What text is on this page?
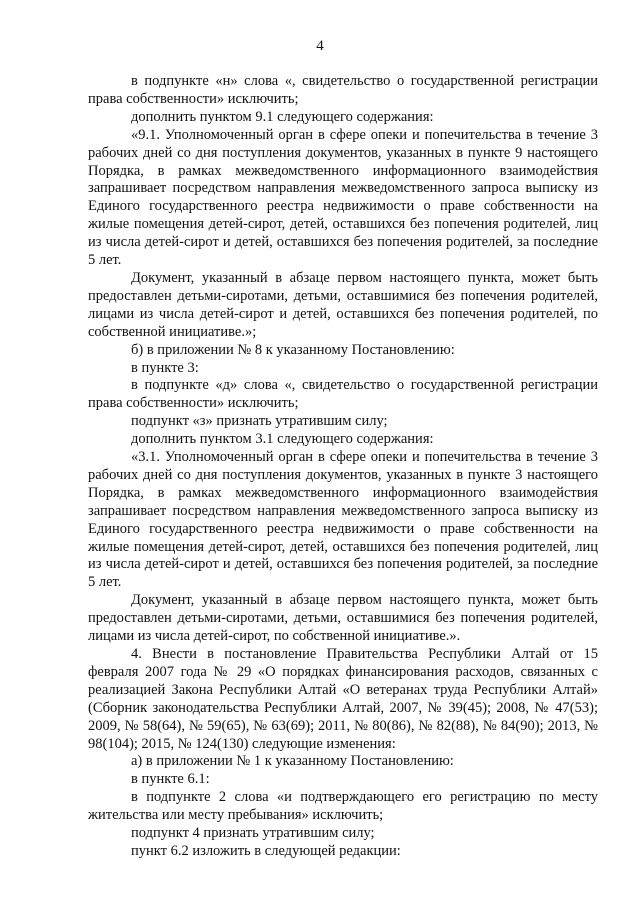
4

в подпункте «н» слова «, свидетельство о государственной регистрации права собственности» исключить;

дополнить пунктом 9.1 следующего содержания:

«9.1. Уполномоченный орган в сфере опеки и попечительства в течение 3 рабочих дней со дня поступления документов, указанных в пункте 9 настоящего Порядка, в рамках межведомственного информационного взаимодействия запрашивает посредством направления межведомственного запроса выписку из Единого государственного реестра недвижимости о праве собственности на жилые помещения детей-сирот, детей, оставшихся без попечения родителей, лиц из числа детей-сирот и детей, оставшихся без попечения родителей, за последние 5 лет.

Документ, указанный в абзаце первом настоящего пункта, может быть предоставлен детьми-сиротами, детьми, оставшимися без попечения родителей, лицами из числа детей-сирот и детей, оставшихся без попечения родителей, по собственной инициативе.»;

б) в приложении № 8 к указанному Постановлению:

в пункте 3:

в подпункте «д» слова «, свидетельство о государственной регистрации права собственности» исключить;

подпункт «з» признать утратившим силу;

дополнить пунктом 3.1 следующего содержания:

«3.1. Уполномоченный орган в сфере опеки и попечительства в течение 3 рабочих дней со дня поступления документов, указанных в пункте 3 настоящего Порядка, в рамках межведомственного информационного взаимодействия запрашивает посредством направления межведомственного запроса выписку из Единого государственного реестра недвижимости о праве собственности на жилые помещения детей-сирот, детей, оставшихся без попечения родителей, лиц из числа детей-сирот и детей, оставшихся без попечения родителей, за последние 5 лет.

Документ, указанный в абзаце первом настоящего пункта, может быть предоставлен детьми-сиротами, детьми, оставшимися без попечения родителей, лицами из числа детей-сирот, по собственной инициативе.».

4. Внести в постановление Правительства Республики Алтай от 15 февраля 2007 года № 29 «О порядках финансирования расходов, связанных с реализацией Закона Республики Алтай «О ветеранах труда Республики Алтай» (Сборник законодательства Республики Алтай, 2007, № 39(45); 2008, № 47(53); 2009, № 58(64), № 59(65), № 63(69); 2011, № 80(86), № 82(88), № 84(90); 2013, № 98(104); 2015, № 124(130) следующие изменения:

а) в приложении № 1 к указанному Постановлению:

в пункте 6.1:

в подпункте 2 слова «и подтверждающего его регистрацию по месту жительства или месту пребывания» исключить;

подпункт 4 признать утратившим силу;

пункт 6.2 изложить в следующей редакции:
